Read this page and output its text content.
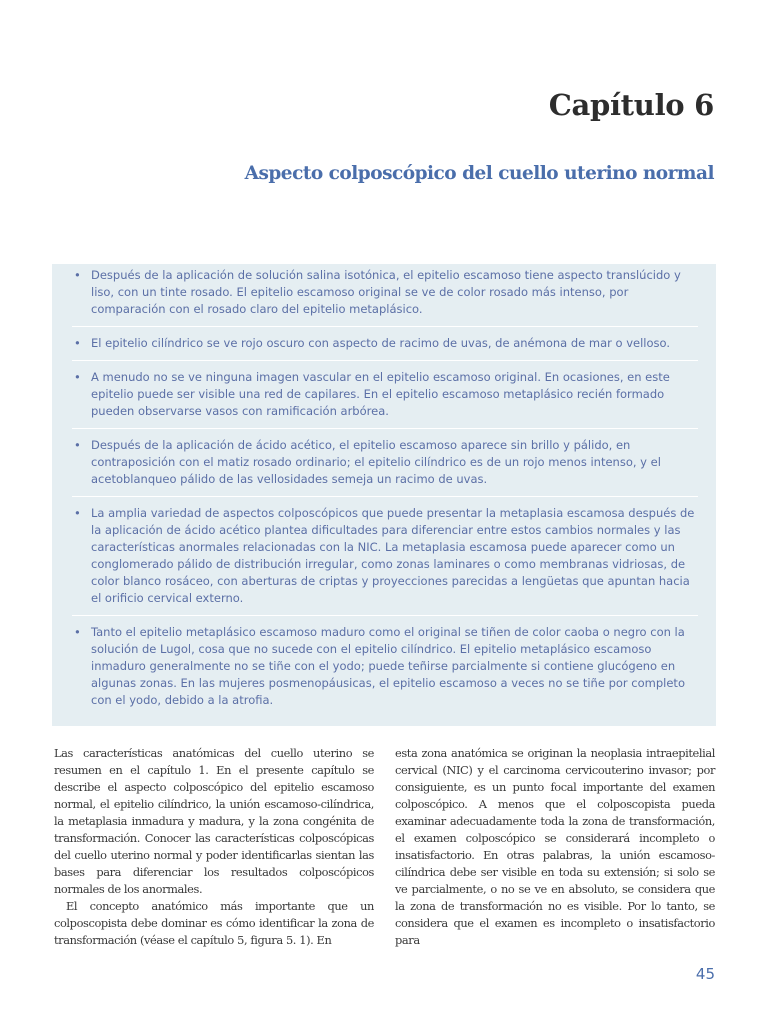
Capítulo 6
Aspecto colposcópico del cuello uterino normal
• Después de la aplicación de solución salina isotónica, el epitelio escamoso tiene aspecto translúcido y liso, con un tinte rosado. El epitelio escamoso original se ve de color rosado más intenso, por comparación con el rosado claro del epitelio metaplásico.
• El epitelio cilíndrico se ve rojo oscuro con aspecto de racimo de uvas, de anémona de mar o velloso.
• A menudo no se ve ninguna imagen vascular en el epitelio escamoso original. En ocasiones, en este epitelio puede ser visible una red de capilares. En el epitelio escamoso metaplásico recién formado pueden observarse vasos con ramificación arbórea.
• Después de la aplicación de ácido acético, el epitelio escamoso aparece sin brillo y pálido, en contraposición con el matiz rosado ordinario; el epitelio cilíndrico es de un rojo menos intenso, y el acetoblanqueo pálido de las vellosidades semeja un racimo de uvas.
• La amplia variedad de aspectos colposcópicos que puede presentar la metaplasia escamosa después de la aplicación de ácido acético plantea dificultades para diferenciar entre estos cambios normales y las características anormales relacionadas con la NIC. La metaplasia escamosa puede aparecer como un conglomerado pálido de distribución irregular, como zonas laminares o como membranas vidriosas, de color blanco rosáceo, con aberturas de criptas y proyecciones parecidas a lengüetas que apuntan hacia el orificio cervical externo.
• Tanto el epitelio metaplásico escamoso maduro como el original se tiñen de color caoba o negro con la solución de Lugol, cosa que no sucede con el epitelio cilíndrico. El epitelio metaplásico escamoso inmaduro generalmente no se tiñe con el yodo; puede teñirse parcialmente si contiene glucógeno en algunas zonas. En las mujeres posmenopáusicas, el epitelio escamoso a veces no se tiñe por completo con el yodo, debido a la atrofia.

Las características anatómicas del cuello uterino se resumen en el capítulo 1. En el presente capítulo se describe el aspecto colposcópico del epitelio escamoso normal, el epitelio cilíndrico, la unión escamoso-cilíndrica, la metaplasia inmadura y madura, y la zona congénita de transformación. Conocer las características colposcópicas del cuello uterino normal y poder identificarlas sientan las bases para diferenciar los resultados colposcópicos normales de los anormales.

El concepto anatómico más importante que un colposcopista debe dominar es cómo identificar la zona de transformación (véase el capítulo 5, figura 5. 1). En

esta zona anatómica se originan la neoplasia intraepitelial cervical (NIC) y el carcinoma cervicouterino invasor; por consiguiente, es un punto focal importante del examen colposcópico. A menos que el colposcopista pueda examinar adecuadamente toda la zona de transformación, el examen colposcópico se considerará incompleto o insatisfactorio. En otras palabras, la unión escamoso-cilíndrica debe ser visible en toda su extensión; si solo se ve parcialmente, o no se ve en absoluto, se considera que la zona de transformación no es visible. Por lo tanto, se considera que el examen es incompleto o insatisfactorio para

45
